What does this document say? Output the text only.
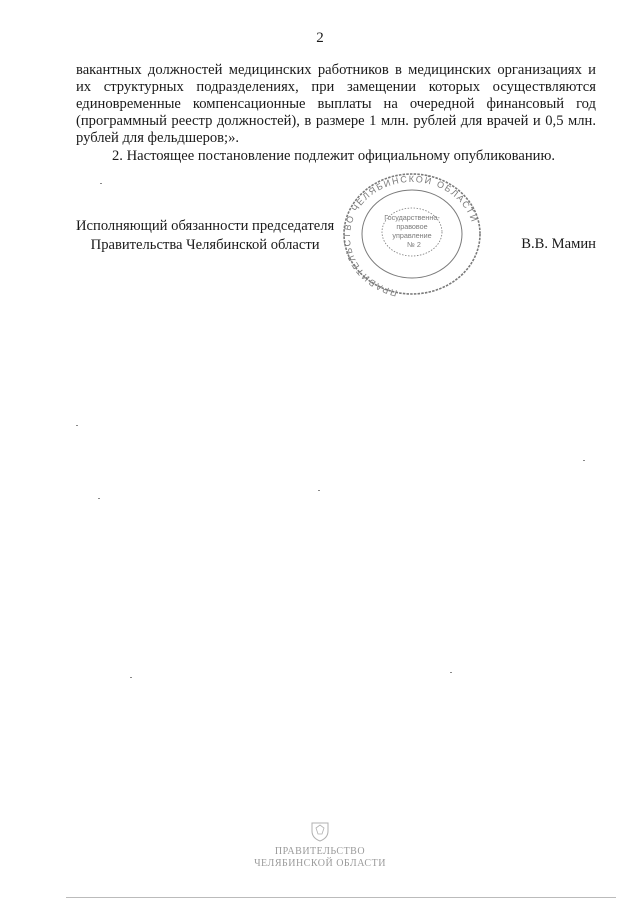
2

вакантных должностей медицинских работников в медицинских организациях и их структурных подразделениях, при замещении которых осуществляются единовременные компенсационные выплаты на очередной финансовый год (программный реестр должностей), в размере 1 млн. рублей для врачей и 0,5 млн. рублей для фельдшеров;».

2. Настоящее постановление подлежит официальному опубликованию.

Исполняющий обязанности председателя
Правительства Челябинской области
ПРАВИТЕЛЬСТВО ЧЕЛЯБИНСКОЙ ОБЛАСТИ
Государственно-
правовое
управление
№ 2	В.В. Мамин
ПРАВИТЕЛЬСТВО
ЧЕЛЯБИНСКОЙ ОБЛАСТИ
